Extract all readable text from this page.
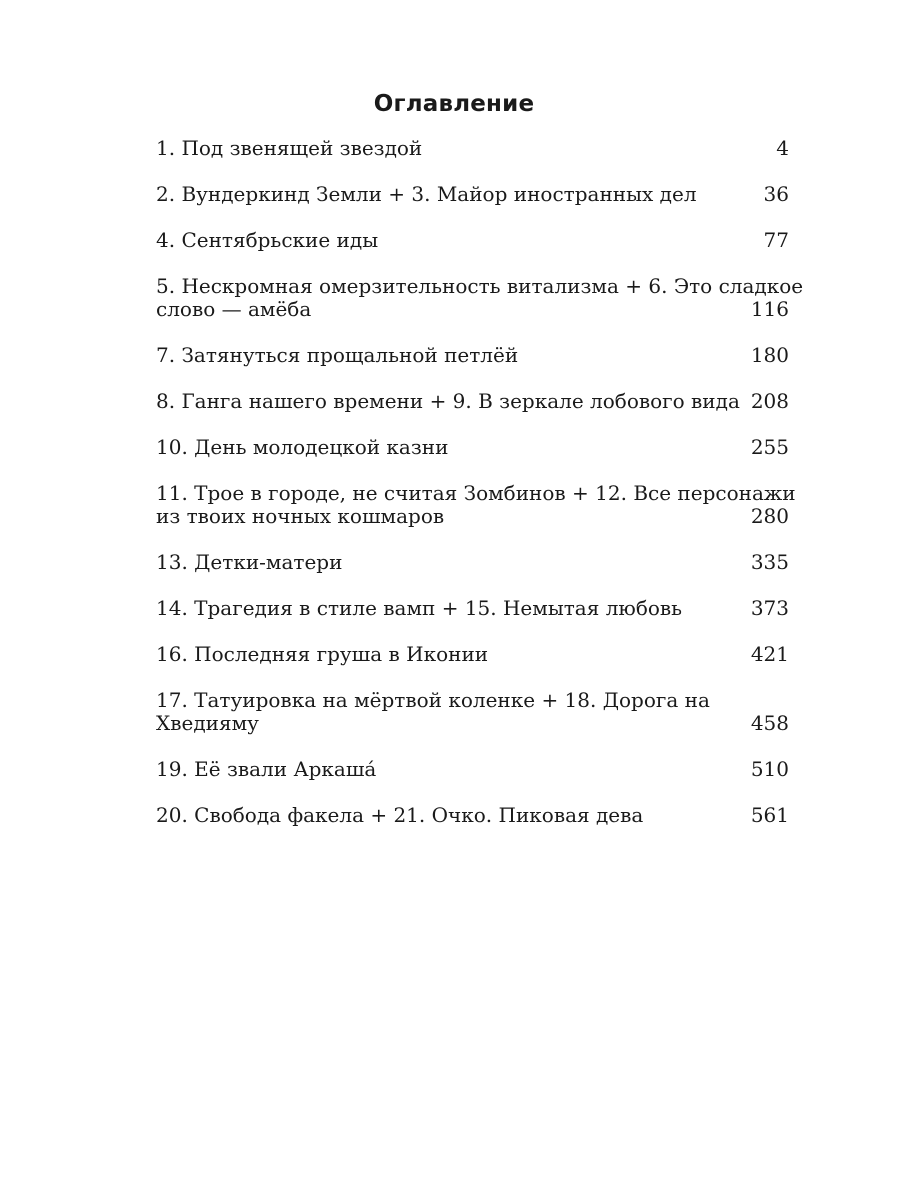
Оглавление
1. Под звенящей звездой	4
2. Вундеркинд Земли + 3. Майор иностранных дел	36
4. Сентябрьские иды	77
5. Нескромная омерзительность витализма + 6. Это сладкое
слово — амёба	116
7. Затянуться прощальной петлёй	180
8. Ганга нашего времени + 9. В зеркале лобового вида 208
10. День молодецкой казни	255
11. Трое в городе, не считая Зомбинов + 12. Все персонажи
из твоих ночных кошмаров	280
13. Детки-матери	335
14. Трагедия в стиле вамп + 15. Немытая любовь	373
16. Последняя груша в Иконии	421
17. Татуировка на мёртвой коленке + 18. Дорога на
Хведияму	458
19. Её звали Аркаша́	510
20. Свобода факела + 21. Очко. Пиковая дева	561
